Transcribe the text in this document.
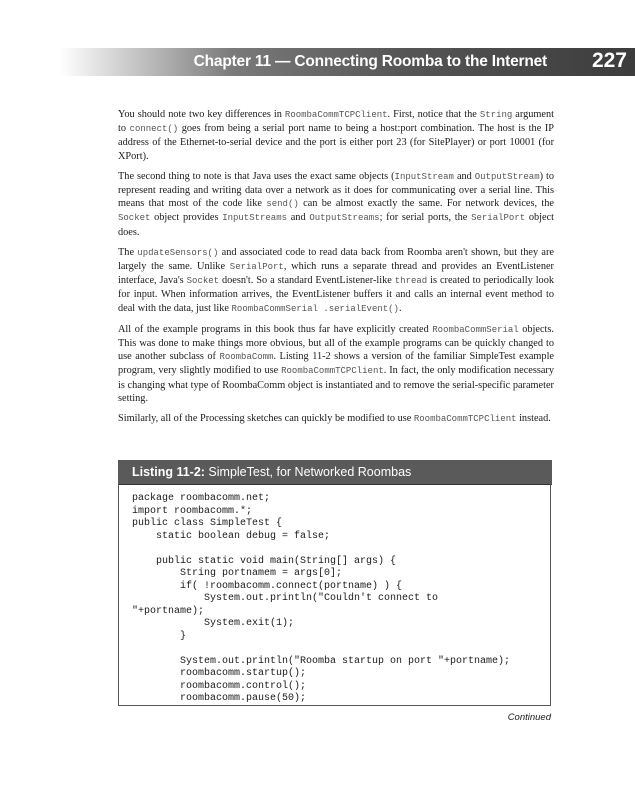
Chapter 11 — Connecting Roomba to the Internet 227

You should note two key differences in RoombaCommTCPClient. First, notice that the String argument to connect() goes from being a serial port name to being a host:port combination. The host is the IP address of the Ethernet-to-serial device and the port is either port 23 (for SitePlayer) or port 10001 (for XPort).

The second thing to note is that Java uses the exact same objects (InputStream and OutputStream) to represent reading and writing data over a network as it does for communicating over a serial line. This means that most of the code like send() can be almost exactly the same. For network devices, the Socket object provides InputStreams and OutputStreams; for serial ports, the SerialPort object does.

The updateSensors() and associated code to read data back from Roomba aren't shown, but they are largely the same. Unlike SerialPort, which runs a separate thread and provides an EventListener interface, Java's Socket doesn't. So a standard EventListener-like thread is created to periodically look for input. When information arrives, the EventListener buffers it and calls an internal event method to deal with the data, just like RoombaCommSerial .serialEvent().

All of the example programs in this book thus far have explicitly created RoombaCommSerial objects. This was done to make things more obvious, but all of the example programs can be quickly changed to use another subclass of RoombaComm. Listing 11-2 shows a version of the familiar SimpleTest example program, very slightly modified to use RoombaCommTCPClient. In fact, the only modification necessary is changing what type of RoombaComm object is instantiated and to remove the serial-specific parameter setting.

Similarly, all of the Processing sketches can quickly be modified to use RoombaCommTCPClient instead.

Listing 11-2: SimpleTest, for Networked Roombas
package roombacomm.net;
import roombacomm.*;
public class SimpleTest {
static boolean debug = false;

public static void main(String[] args) {
String portnamem = args[0];
if( !roombacomm.connect(portname) ) {
System.out.println("Couldn't connect to
"+portname);
System.exit(1);
}

System.out.println("Roomba startup on port "+portname);
roombacomm.startup();
roombacomm.control();
roombacomm.pause(50);
Continued
